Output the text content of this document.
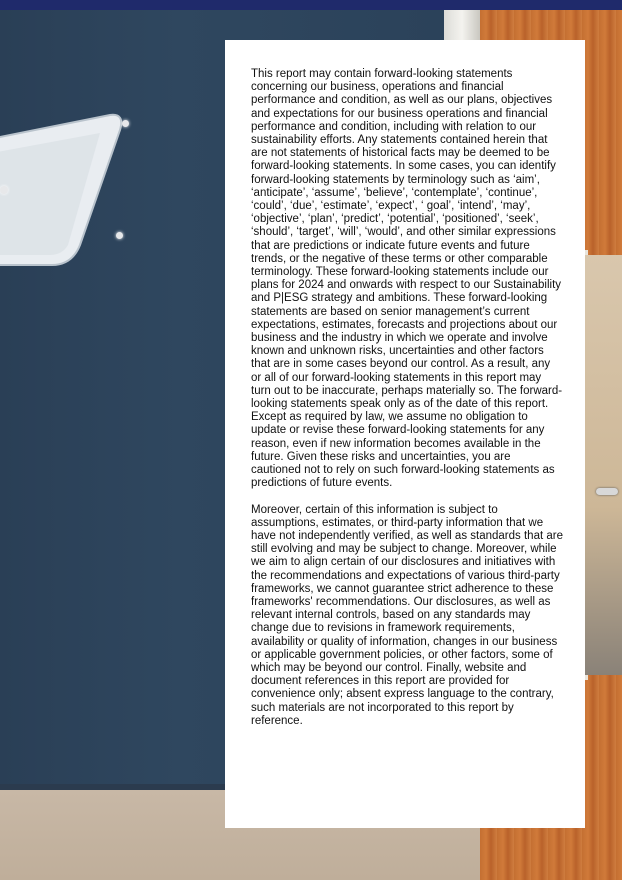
This report may contain forward-looking statements concerning our business, operations and financial performance and condition, as well as our plans, objectives and expectations for our business operations and financial performance and condition, including with relation to our sustainability efforts. Any statements contained herein that are not statements of historical facts may be deemed to be forward-looking statements. In some cases, you can identify forward-looking statements by terminology such as ‘aim’, ‘anticipate’, ‘assume’, ‘believe’, ‘contemplate’, ‘continue’, ‘could’, ‘due’, ‘estimate’, ‘expect’, ‘ goal’, ‘intend’, ‘may’, ‘objective’, ‘plan’, ‘predict’, ‘potential’, ‘positioned’, ‘seek’, ‘should’, ‘target’, ‘will’, ‘would’, and other similar expressions that are predictions or indicate future events and future trends, or the negative of these terms or other comparable terminology. These forward-looking statements include our plans for 2024 and onwards with respect to our Sustainability and P|ESG strategy and ambitions. These forward-looking statements are based on senior management’s current expectations, estimates, forecasts and projections about our business and the industry in which we operate and involve known and unknown risks, uncertainties and other factors that are in some cases beyond our control. As a result, any or all of our forward-looking statements in this report may turn out to be inaccurate, perhaps materially so. The forward-looking statements speak only as of the date of this report. Except as required by law, we assume no obligation to update or revise these forward-looking statements for any reason, even if new information becomes available in the future. Given these risks and uncertainties, you are cautioned not to rely on such forward-looking statements as predictions of future events.

Moreover, certain of this information is subject to assumptions, estimates, or third-party information that we have not independently verified, as well as standards that are still evolving and may be subject to change. Moreover, while we aim to align certain of our disclosures and initiatives with the recommendations and expectations of various third-party frameworks, we cannot guarantee strict adherence to these frameworks' recommendations. Our disclosures, as well as relevant internal controls, based on any standards may change due to revisions in framework requirements, availability or quality of information, changes in our business or applicable government policies, or other factors, some of which may be beyond our control. Finally, website and document references in this report are provided for convenience only; absent express language to the contrary, such materials are not incorporated to this report by reference.
